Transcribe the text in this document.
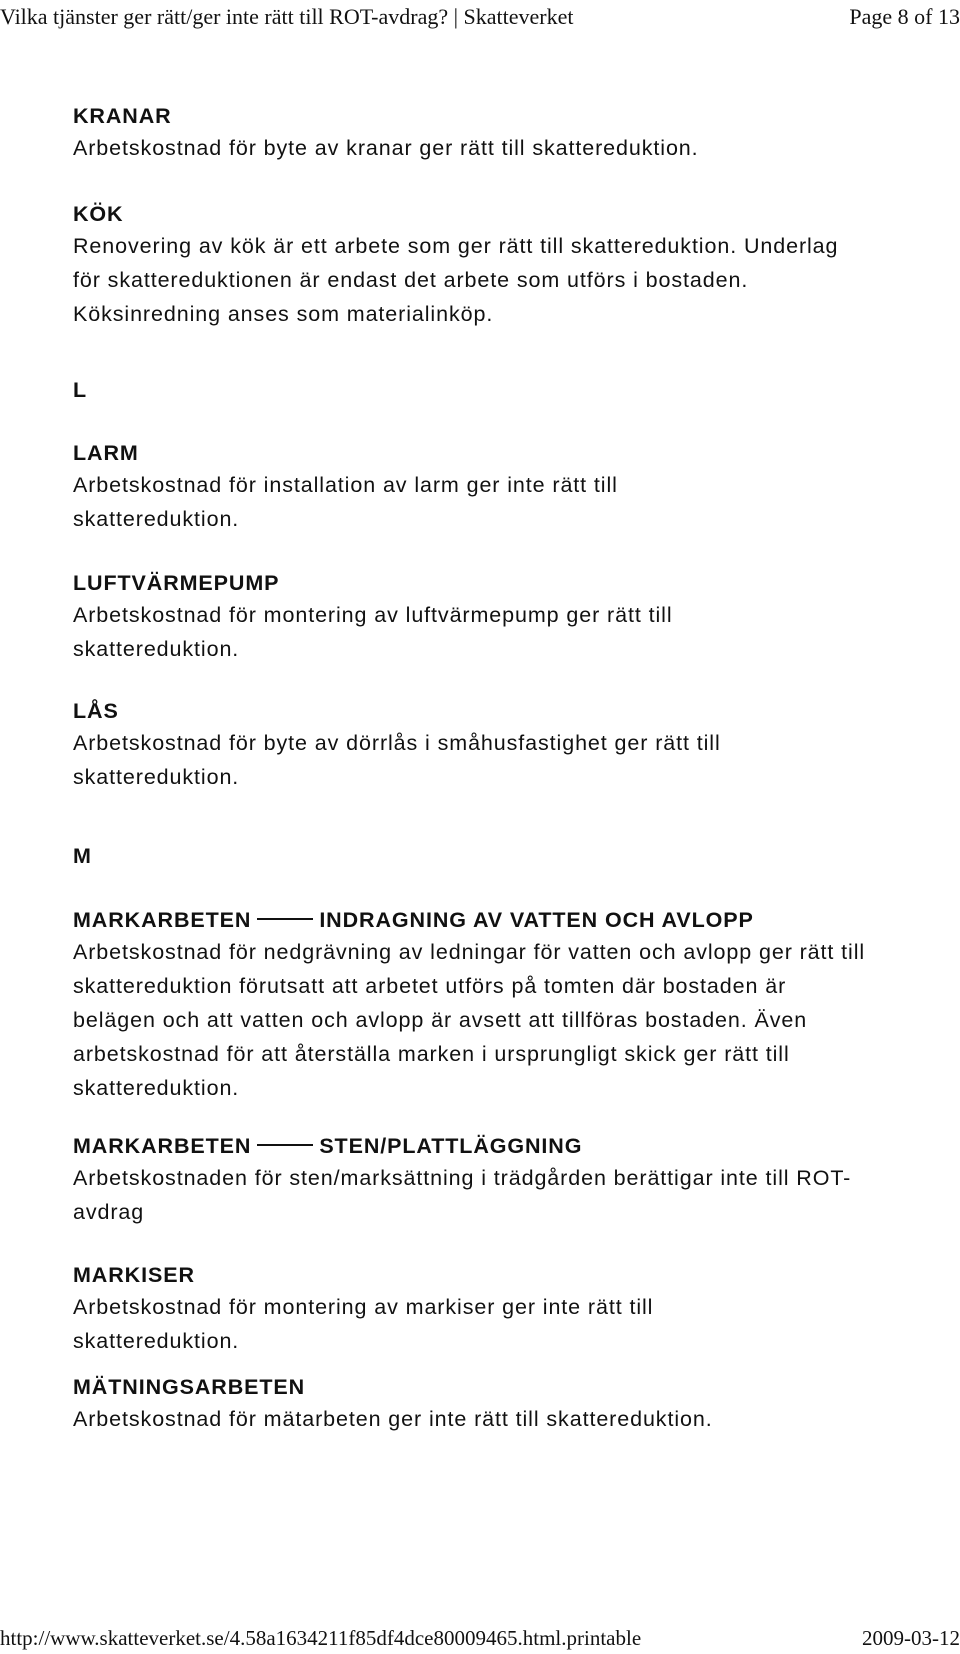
Vilka tjänster ger rätt/ger inte rätt till ROT-avdrag? | Skatteverket	Page 8 of 13
KRANAR
Arbetskostnad för byte av kranar ger rätt till skattereduktion.
KÖK
Renovering av kök är ett arbete som ger rätt till skattereduktion. Underlag för skattereduktionen är endast det arbete som utförs i bostaden. Köksinredning anses som materialinköp.
L
LARM
Arbetskostnad för installation av larm ger inte rätt till skattereduktion.
LUFTVÄRMEPUMP
Arbetskostnad för montering av luftvärmepump ger rätt till skattereduktion.
LÅS
Arbetskostnad för byte av dörrlås i småhusfastighet ger rätt till skattereduktion.
M
MARKARBETEN	INDRAGNING AV VATTEN OCH AVLOPP
Arbetskostnad för nedgrävning av ledningar för vatten och avlopp ger rätt till skattereduktion förutsatt att arbetet utförs på tomten där bostaden är belägen och att vatten och avlopp är avsett att tillföras bostaden. Även arbetskostnad för att återställa marken i ursprungligt skick ger rätt till skattereduktion.
MARKARBETEN	STEN/PLATTLÄGGNING
Arbetskostnaden för sten/marksättning i trädgården berättigar inte till ROT-avdrag
MARKISER
Arbetskostnad för montering av markiser ger inte rätt till skattereduktion.
MÄTNINGSARBETEN
Arbetskostnad för mätarbeten ger inte rätt till skattereduktion.
http://www.skatteverket.se/4.58a1634211f85df4dce80009465.html.printable	2009-03-12
